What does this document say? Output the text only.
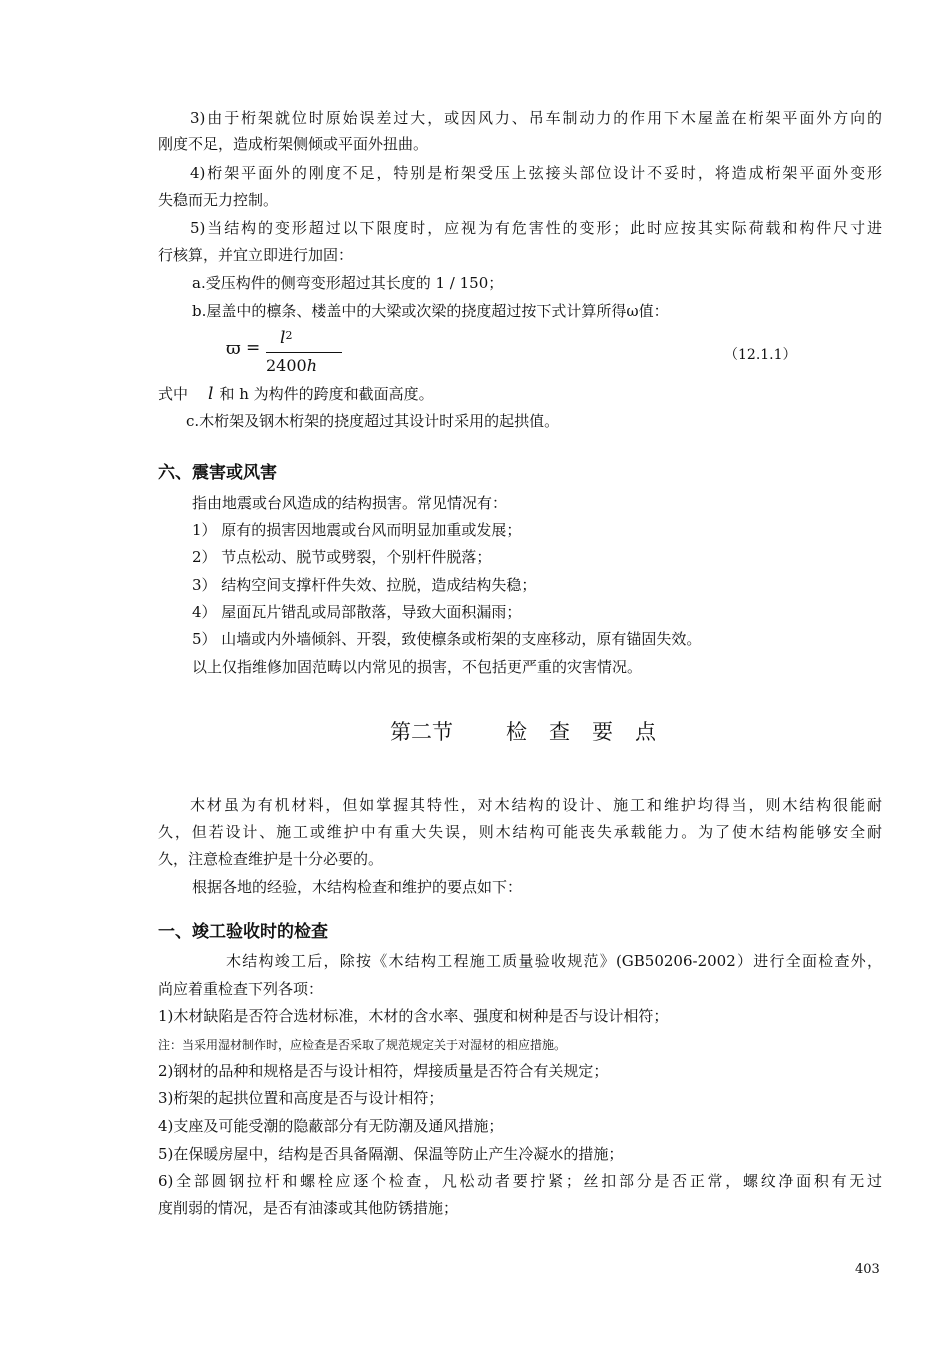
3)由于桁架就位时原始误差过大，或因风力、吊车制动力的作用下木屋盖在桁架平面外方向的
刚度不足，造成桁架侧倾或平面外扭曲。
4)桁架平面外的刚度不足，特别是桁架受压上弦接头部位设计不妥时，将造成桁架平面外变形
失稳而无力控制。
5)当结构的变形超过以下限度时，应视为有危害性的变形；此时应按其实际荷载和构件尺寸进
行核算，并宜立即进行加固：
a.受压构件的侧弯变形超过其长度的 1 / 150；
b.屋盖中的檩条、楼盖中的大梁或次梁的挠度超过按下式计算所得ω值：
$ϖ = l^2$
2400h
（12.1.1）
式中 l 和 h 为构件的跨度和截面高度。
c.木桁架及钢木桁架的挠度超过其设计时采用的起拱值。
六、震害或风害
指由地震或台风造成的结构损害。常见情况有：
1） 原有的损害因地震或台风而明显加重或发展；
2） 节点松动、脱节或劈裂，个别杆件脱落；
3） 结构空间支撑杆件失效、拉脱，造成结构失稳；
4） 屋面瓦片错乱或局部散落，导致大面积漏雨；
5） 山墙或内外墙倾斜、开裂，致使檩条或桁架的支座移动，原有锚固失效。
以上仅指维修加固范畴以内常见的损害，不包括更严重的灾害情况。
第二节	检查要点
木材虽为有机材料，但如掌握其特性，对木结构的设计、施工和维护均得当，则木结构很能耐
久，但若设计、施工或维护中有重大失误，则木结构可能丧失承载能力。为了使木结构能够安全耐
久，注意检查维护是十分必要的。
根据各地的经验，木结构检查和维护的要点如下：
一、竣工验收时的检查
木结构竣工后，除按《木结构工程施工质量验收规范》(GB50206-2002）进行全面检查外，
尚应着重检查下列各项：
1)木材缺陷是否符合选材标准，木材的含水率、强度和树种是否与设计相符；
注：当采用湿材制作时，应检查是否采取了规范规定关于对湿材的相应措施。
2)钢材的品种和规格是否与设计相符，焊接质量是否符合有关规定；
3)桁架的起拱位置和高度是否与设计相符；
4)支座及可能受潮的隐蔽部分有无防潮及通风措施；
5)在保暖房屋中，结构是否具备隔潮、保温等防止产生冷凝水的措施；
6)全部圆钢拉杆和螺栓应逐个检查，凡松动者要拧紧；丝扣部分是否正常，螺纹净面积有无过
度削弱的情况，是否有油漆或其他防锈措施；
403
